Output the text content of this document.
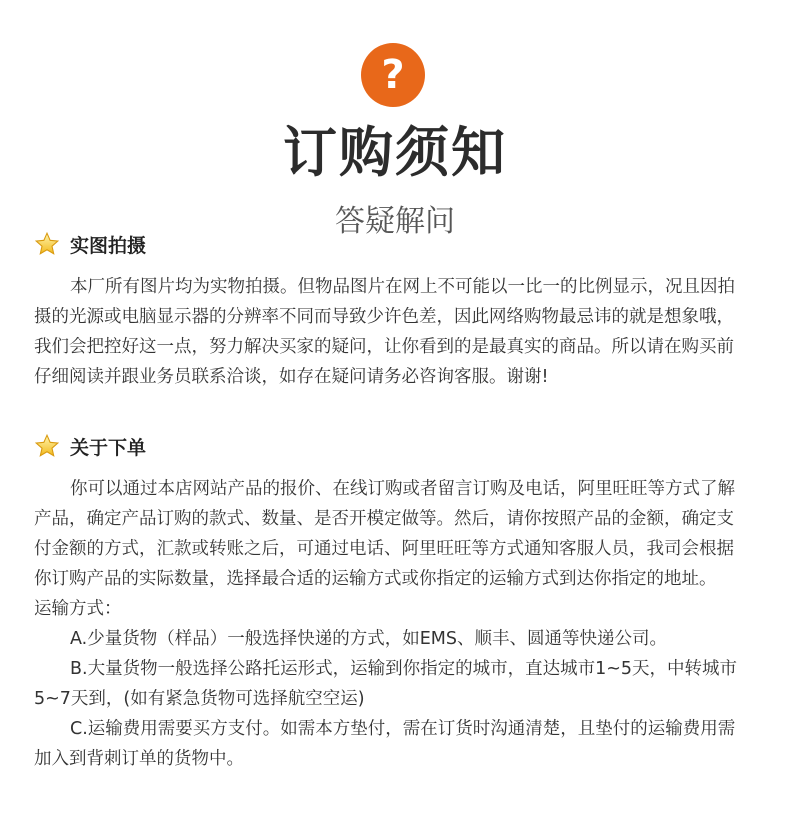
?
订购须知
答疑解问
实图拍摄

本厂所有图片均为实物拍摄。但物品图片在网上不可能以一比一的比例显示，况且因拍摄的光源或电脑显示器的分辨率不同而导致少许色差，因此网络购物最忌讳的就是想象哦，我们会把控好这一点，努力解决买家的疑问，让你看到的是最真实的商品。所以请在购买前仔细阅读并跟业务员联系洽谈，如存在疑问请务必咨询客服。谢谢!

关于下单

你可以通过本店网站产品的报价、在线订购或者留言订购及电话，阿里旺旺等方式了解产品，确定产品订购的款式、数量、是否开模定做等。然后，请你按照产品的金额，确定支付金额的方式，汇款或转账之后，可通过电话、阿里旺旺等方式通知客服人员，我司会根据你订购产品的实际数量，选择最合适的运输方式或你指定的运输方式到达你指定的地址。

运输方式：

A.少量货物（样品）一般选择快递的方式，如EMS、顺丰、圆通等快递公司。

B.大量货物一般选择公路托运形式，运输到你指定的城市，直达城市1~5天，中转城市5~7天到，(如有紧急货物可选择航空空运)

C.运输费用需要买方支付。如需本方垫付，需在订货时沟通清楚，且垫付的运输费用需加入到背刺订单的货物中。
